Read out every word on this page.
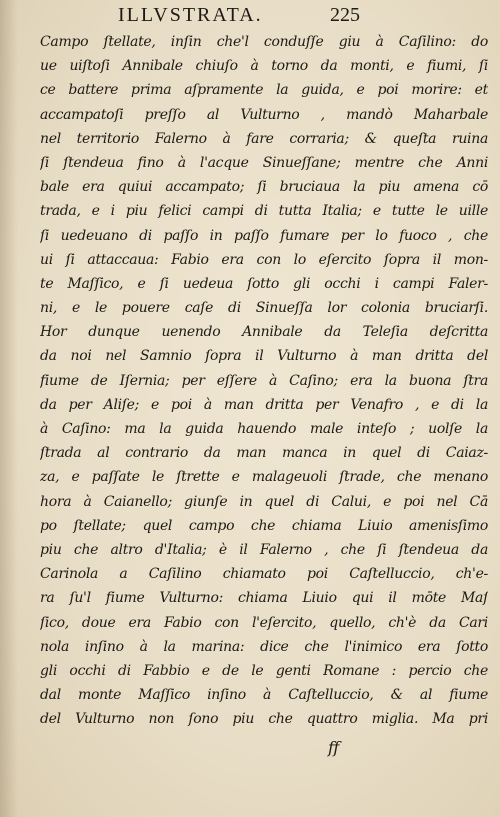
ILLVSTRATA.	225
Campo ſtellate, inſin che'l conduſſe giu à Caſilino: do
ue uiſtoſi Annibale chiuſo à torno da monti, e fiumi, ſi
ce battere prima aſpramente la guida, e poi morire: et
accampatoſi preſſo al Vulturno , mandò Maharbale
nel territorio Falerno à fare corraria; & queſta ruina
ſi ſtendeua fino à l'acque Sinueſſane; mentre che Anni
bale era quiui accampato; ſi bruciaua la piu amena cō
trada, e i piu felici campi di tutta Italia; e tutte le uille
ſi uedeuano di paſſo in paſſo fumare per lo fuoco , che
ui ſi attaccaua: Fabio era con lo eſercito ſopra il mon-
te Maſſico, e ſi uedeua ſotto gli occhi i campi Faler-
ni, e le pouere caſe di Sinueſſa lor colonia bruciarſi.
Hor dunque uenendo Annibale da Teleſia deſcritta
da noi nel Samnio ſopra il Vulturno à man dritta del
fiume de Iſernia; per eſſere à Caſino; era la buona ſtra
da per Aliſe; e poi à man dritta per Venafro , e di la
à Caſino: ma la guida hauendo male inteſo ; uolſe la
ſtrada al contrario da man manca in quel di Caiaz-
za, e paſſate le ſtrette e malageuoli ſtrade, che menano
hora à Caianello; giunſe in quel di Calui, e poi nel Cā
po ſtellate; quel campo che chiama Liuio amenisſimo
piu che altro d'Italia; è il Falerno , che ſi ſtendeua da
Carinola a Caſilino chiamato poi Caſtelluccio, ch'e-
ra ſu'l fiume Vulturno: chiama Liuio qui il mōte Maſ
ſico, doue era Fabio con l'eſercito, quello, ch'è da Cari
nola inſino à la marina: dice che l'inimico era ſotto
gli occhi di Fabbio e de le genti Romane : percio che
dal monte Maſſico inſino à Caſtelluccio, & al fiume
del Vulturno non ſono piu che quattro miglia. Ma pri
ff
